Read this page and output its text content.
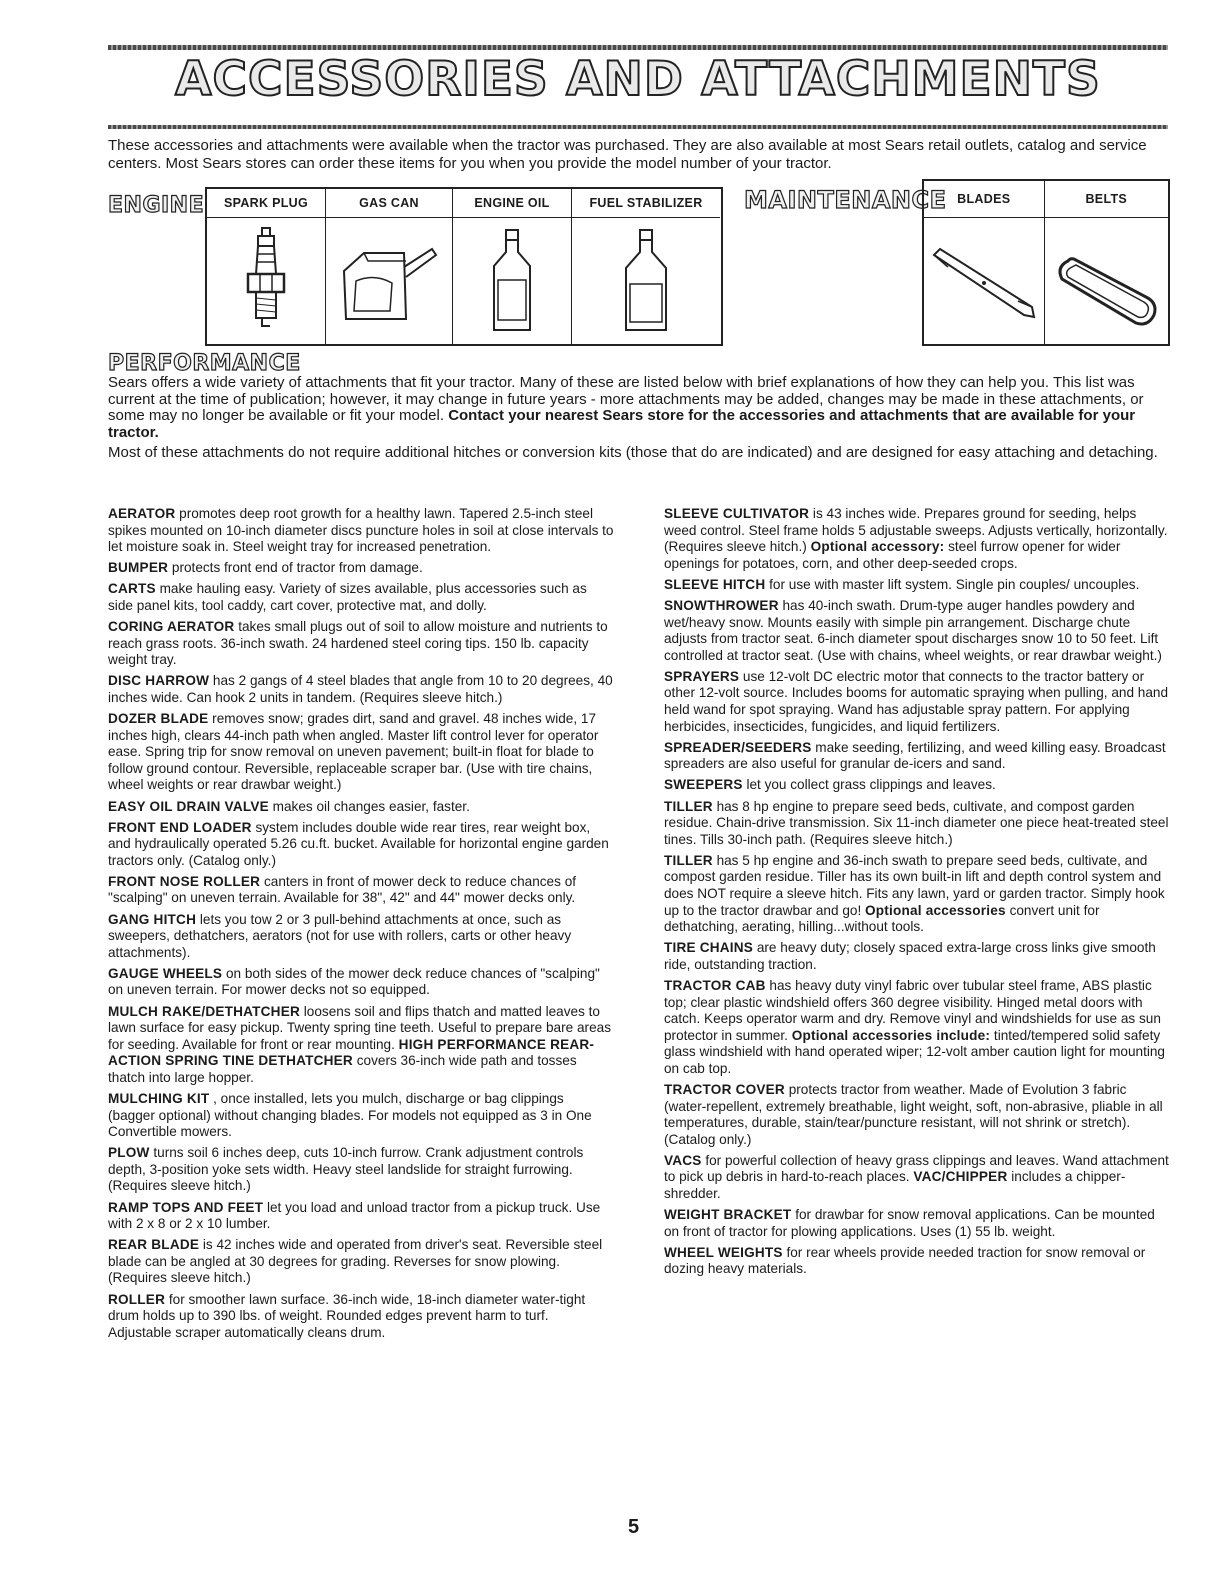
ACCESSORIES AND ATTACHMENTS
These accessories and attachments were available when the tractor was purchased. They are also available at most Sears retail outlets, catalog and service centers. Most Sears stores can order these items for you when you provide the model number of your tractor.
ENGINE	SPARK PLUG	GAS CAN	ENGINE OIL	FUEL STABILIZER	MAINTENANCE BLADES	BELTS
PERFORMANCE

Sears offers a wide variety of attachments that fit your tractor. Many of these are listed below with brief explanations of how they can help you. This list was current at the time of publication; however, it may change in future years - more attachments may be added, changes may be made in these attachments, or some may no longer be available or fit your model. Contact your nearest Sears store for the accessories and attachments that are available for your tractor.

Most of these attachments do not require additional hitches or conversion kits (those that do are indicated) and are designed for easy attaching and detaching.

AERATOR promotes deep root growth for a healthy lawn. Tapered 2.5-inch steel spikes mounted on 10-inch diameter discs puncture holes in soil at close intervals to let moisture soak in. Steel weight tray for increased penetration.

BUMPER protects front end of tractor from damage.

CARTS make hauling easy. Variety of sizes available, plus accessories such as side panel kits, tool caddy, cart cover, protective mat, and dolly.

CORING AERATOR takes small plugs out of soil to allow moisture and nutrients to reach grass roots. 36-inch swath. 24 hardened steel coring tips. 150 lb. capacity weight tray.

DISC HARROW has 2 gangs of 4 steel blades that angle from 10 to 20 degrees, 40 inches wide. Can hook 2 units in tandem. (Requires sleeve hitch.)

DOZER BLADE removes snow; grades dirt, sand and gravel. 48 inches wide, 17 inches high, clears 44-inch path when angled. Master lift control lever for operator ease. Spring trip for snow removal on uneven pavement; built-in float for blade to follow ground contour. Reversible, replaceable scraper bar. (Use with tire chains, wheel weights or rear drawbar weight.)

EASY OIL DRAIN VALVE makes oil changes easier, faster.

FRONT END LOADER system includes double wide rear tires, rear weight box, and hydraulically operated 5.26 cu.ft. bucket. Available for horizontal engine garden tractors only. (Catalog only.)

FRONT NOSE ROLLER canters in front of mower deck to reduce chances of "scalping" on uneven terrain. Available for 38", 42" and 44" mower decks only.

GANG HITCH lets you tow 2 or 3 pull-behind attachments at once, such as sweepers, dethatchers, aerators (not for use with rollers, carts or other heavy attachments).

GAUGE WHEELS on both sides of the mower deck reduce chances of "scalping" on uneven terrain. For mower decks not so equipped.

MULCH RAKE/DETHATCHER loosens soil and flips thatch and matted leaves to lawn surface for easy pickup. Twenty spring tine teeth. Useful to prepare bare areas for seeding. Available for front or rear mounting. HIGH PERFORMANCE REAR-ACTION SPRING TINE DETHATCHER covers 36-inch wide path and tosses thatch into large hopper.

MULCHING KIT , once installed, lets you mulch, discharge or bag clippings (bagger optional) without changing blades. For models not equipped as 3 in One Convertible mowers.

PLOW turns soil 6 inches deep, cuts 10-inch furrow. Crank adjustment controls depth, 3-position yoke sets width. Heavy steel landslide for straight furrowing. (Requires sleeve hitch.)

RAMP TOPS AND FEET let you load and unload tractor from a pickup truck. Use with 2 x 8 or 2 x 10 lumber.

REAR BLADE is 42 inches wide and operated from driver's seat. Reversible steel blade can be angled at 30 degrees for grading. Reverses for snow plowing. (Requires sleeve hitch.)

ROLLER for smoother lawn surface. 36-inch wide, 18-inch diameter water-tight drum holds up to 390 lbs. of weight. Rounded edges prevent harm to turf. Adjustable scraper automatically cleans drum.

SLEEVE CULTIVATOR is 43 inches wide. Prepares ground for seeding, helps weed control. Steel frame holds 5 adjustable sweeps. Adjusts vertically, horizontally. (Requires sleeve hitch.) Optional accessory: steel furrow opener for wider openings for potatoes, corn, and other deep-seeded crops.

SLEEVE HITCH for use with master lift system. Single pin couples/ uncouples.

SNOWTHROWER has 40-inch swath. Drum-type auger handles powdery and wet/heavy snow. Mounts easily with simple pin arrangement. Discharge chute adjusts from tractor seat. 6-inch diameter spout discharges snow 10 to 50 feet. Lift controlled at tractor seat. (Use with chains, wheel weights, or rear drawbar weight.)

SPRAYERS use 12-volt DC electric motor that connects to the tractor battery or other 12-volt source. Includes booms for automatic spraying when pulling, and hand held wand for spot spraying. Wand has adjustable spray pattern. For applying herbicides, insecticides, fungicides, and liquid fertilizers.

SPREADER/SEEDERS make seeding, fertilizing, and weed killing easy. Broadcast spreaders are also useful for granular de-icers and sand.

SWEEPERS let you collect grass clippings and leaves.

TILLER has 8 hp engine to prepare seed beds, cultivate, and compost garden residue. Chain-drive transmission. Six 11-inch diameter one piece heat-treated steel tines. Tills 30-inch path. (Requires sleeve hitch.)

TILLER has 5 hp engine and 36-inch swath to prepare seed beds, cultivate, and compost garden residue. Tiller has its own built-in lift and depth control system and does NOT require a sleeve hitch. Fits any lawn, yard or garden tractor. Simply hook up to the tractor drawbar and go! Optional accessories convert unit for dethatching, aerating, hilling...without tools.

TIRE CHAINS are heavy duty; closely spaced extra-large cross links give smooth ride, outstanding traction.

TRACTOR CAB has heavy duty vinyl fabric over tubular steel frame, ABS plastic top; clear plastic windshield offers 360 degree visibility. Hinged metal doors with catch. Keeps operator warm and dry. Remove vinyl and windshields for use as sun protector in summer. Optional accessories include: tinted/tempered solid safety glass windshield with hand operated wiper; 12-volt amber caution light for mounting on cab top.

TRACTOR COVER protects tractor from weather. Made of Evolution 3 fabric (water-repellent, extremely breathable, light weight, soft, non-abrasive, pliable in all temperatures, durable, stain/tear/puncture resistant, will not shrink or stretch). (Catalog only.)

VACS for powerful collection of heavy grass clippings and leaves. Wand attachment to pick up debris in hard-to-reach places. VAC/CHIPPER includes a chipper-shredder.

WEIGHT BRACKET for drawbar for snow removal applications. Can be mounted on front of tractor for plowing applications. Uses (1) 55 lb. weight.

WHEEL WEIGHTS for rear wheels provide needed traction for snow removal or dozing heavy materials.

5
